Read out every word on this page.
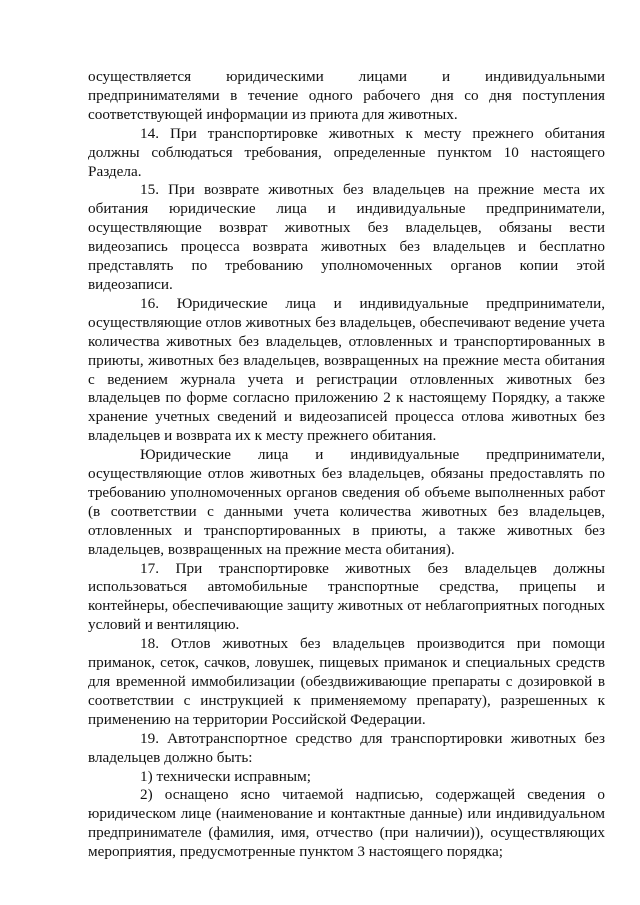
осуществляется юридическими лицами и индивидуальными предпринимателями в течение одного рабочего дня со дня поступления соответствующей информации из приюта для животных.

14. При транспортировке животных к месту прежнего обитания должны соблюдаться требования, определенные пунктом 10 настоящего Раздела.

15. При возврате животных без владельцев на прежние места их обитания юридические лица и индивидуальные предприниматели, осуществляющие возврат животных без владельцев, обязаны вести видеозапись процесса возврата животных без владельцев и бесплатно представлять по требованию уполномоченных органов копии этой видеозаписи.

16. Юридические лица и индивидуальные предприниматели, осуществляющие отлов животных без владельцев, обеспечивают ведение учета количества животных без владельцев, отловленных и транспортированных в приюты, животных без владельцев, возвращенных на прежние места обитания с ведением журнала учета и регистрации отловленных животных без владельцев по форме согласно приложению 2 к настоящему Порядку, а также хранение учетных сведений и видеозаписей процесса отлова животных без владельцев и возврата их к месту прежнего обитания.

Юридические лица и индивидуальные предприниматели, осуществляющие отлов животных без владельцев, обязаны предоставлять по требованию уполномоченных органов сведения об объеме выполненных работ (в соответствии с данными учета количества животных без владельцев, отловленных и транспортированных в приюты, а также животных без владельцев, возвращенных на прежние места обитания).

17. При транспортировке животных без владельцев должны использоваться автомобильные транспортные средства, прицепы и контейнеры, обеспечивающие защиту животных от неблагоприятных погодных условий и вентиляцию.

18. Отлов животных без владельцев производится при помощи приманок, сеток, сачков, ловушек, пищевых приманок и специальных средств для временной иммобилизации (обездвиживающие препараты с дозировкой в соответствии с инструкцией к применяемому препарату), разрешенных к применению на территории Российской Федерации.

19. Автотранспортное средство для транспортировки животных без владельцев должно быть:

1) технически исправным;

2) оснащено ясно читаемой надписью, содержащей сведения о юридическом лице (наименование и контактные данные) или индивидуальном предпринимателе (фамилия, имя, отчество (при наличии)), осуществляющих мероприятия, предусмотренные пунктом 3 настоящего порядка;
